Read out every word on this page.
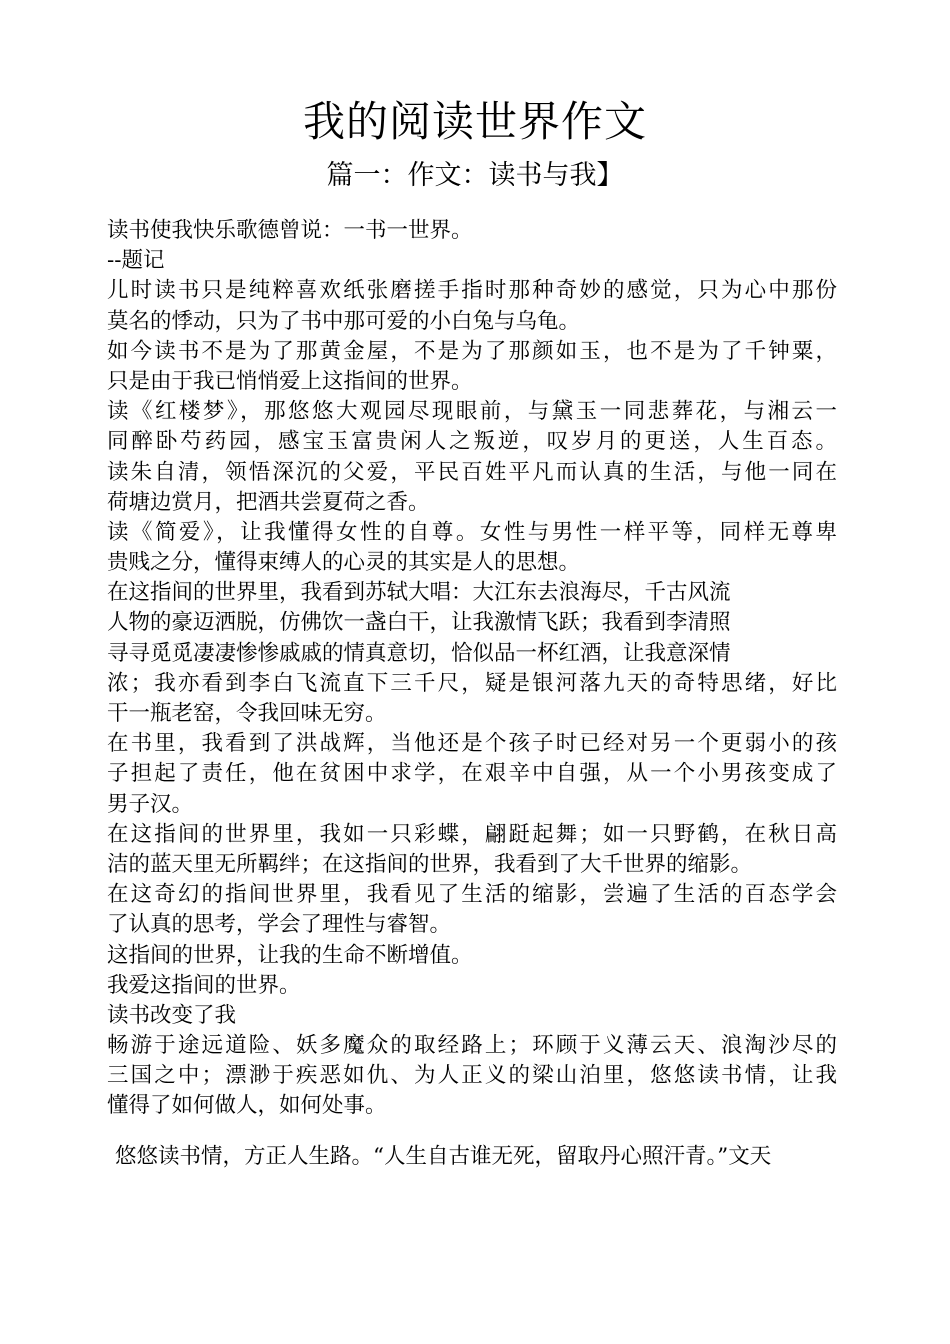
我的阅读世界作文
篇一：作文：读书与我】
读书使我快乐歌德曾说：一书一世界。
--题记
儿时读书只是纯粹喜欢纸张磨搓手指时那种奇妙的感觉，只为心中那份
莫名的悸动，只为了书中那可爱的小白兔与乌龟。
如今读书不是为了那黄金屋，不是为了那颜如玉，也不是为了千钟粟，
只是由于我已悄悄爱上这指间的世界。
读《红楼梦》，那悠悠大观园尽现眼前，与黛玉一同悲葬花，与湘云一
同醉卧芍药园，感宝玉富贵闲人之叛逆，叹岁月的更送，人生百态。
读朱自清，领悟深沉的父爱，平民百姓平凡而认真的生活，与他一同在
荷塘边赏月，把酒共尝夏荷之香。
读《简爱》，让我懂得女性的自尊。女性与男性一样平等，同样无尊卑
贵贱之分，懂得束缚人的心灵的其实是人的思想。
在这指间的世界里，我看到苏轼大唱：大江东去浪海尽，千古风流
人物的豪迈洒脱，仿佛饮一盏白干，让我激情飞跃；我看到李清照
寻寻觅觅凄凄惨惨戚戚的情真意切，恰似品一杯红酒，让我意深情
浓；我亦看到李白飞流直下三千尺，疑是银河落九天的奇特思绪，好比
干一瓶老窑，令我回味无穷。
在书里，我看到了洪战辉，当他还是个孩子时已经对另一个更弱小的孩
子担起了责任，他在贫困中求学，在艰辛中自强，从一个小男孩变成了
男子汉。
在这指间的世界里，我如一只彩蝶，翩跹起舞；如一只野鹤，在秋日高
洁的蓝天里无所羁绊；在这指间的世界，我看到了大千世界的缩影。
在这奇幻的指间世界里，我看见了生活的缩影，尝遍了生活的百态学会
了认真的思考，学会了理性与睿智。
这指间的世界，让我的生命不断增值。
我爱这指间的世界。
读书改变了我
畅游于途远道险、妖多魔众的取经路上；环顾于义薄云天、浪淘沙尽的
三国之中；漂渺于疾恶如仇、为人正义的梁山泊里，悠悠读书情，让我
懂得了如何做人，如何处事。
悠悠读书情，方正人生路。“人生自古谁无死，留取丹心照汗青。”文天
